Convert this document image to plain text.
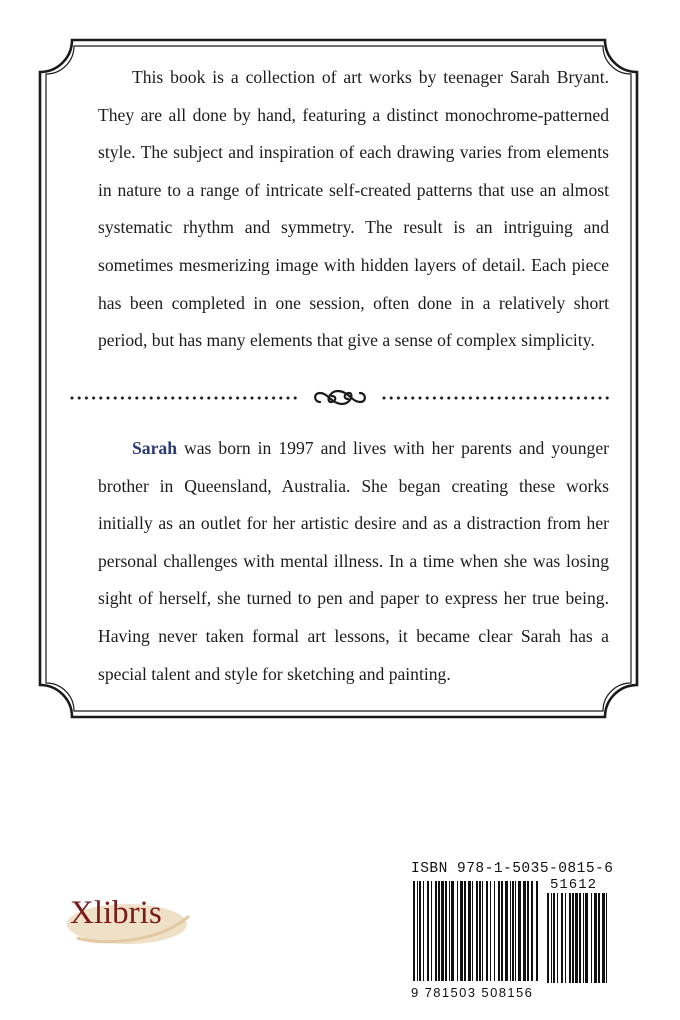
This book is a collection of art works by teenager Sarah Bryant. They are all done by hand, featuring a distinct monochrome-patterned style. The subject and inspiration of each drawing varies from elements in nature to a range of intricate self-created patterns that use an almost systematic rhythm and symmetry. The result is an intriguing and sometimes mesmerizing image with hidden layers of detail. Each piece has been completed in one session, often done in a relatively short period, but has many elements that give a sense of complex simplicity.

Sarah was born in 1997 and lives with her parents and younger brother in Queensland, Australia. She began creating these works initially as an outlet for her artistic desire and as a distraction from her personal challenges with mental illness. In a time when she was losing sight of herself, she turned to pen and paper to express her true being. Having never taken formal art lessons, it became clear Sarah has a special talent and style for sketching and painting.

Xlibris
ISBN 978-1-5035-0815-6
51612
9 781503 508156
